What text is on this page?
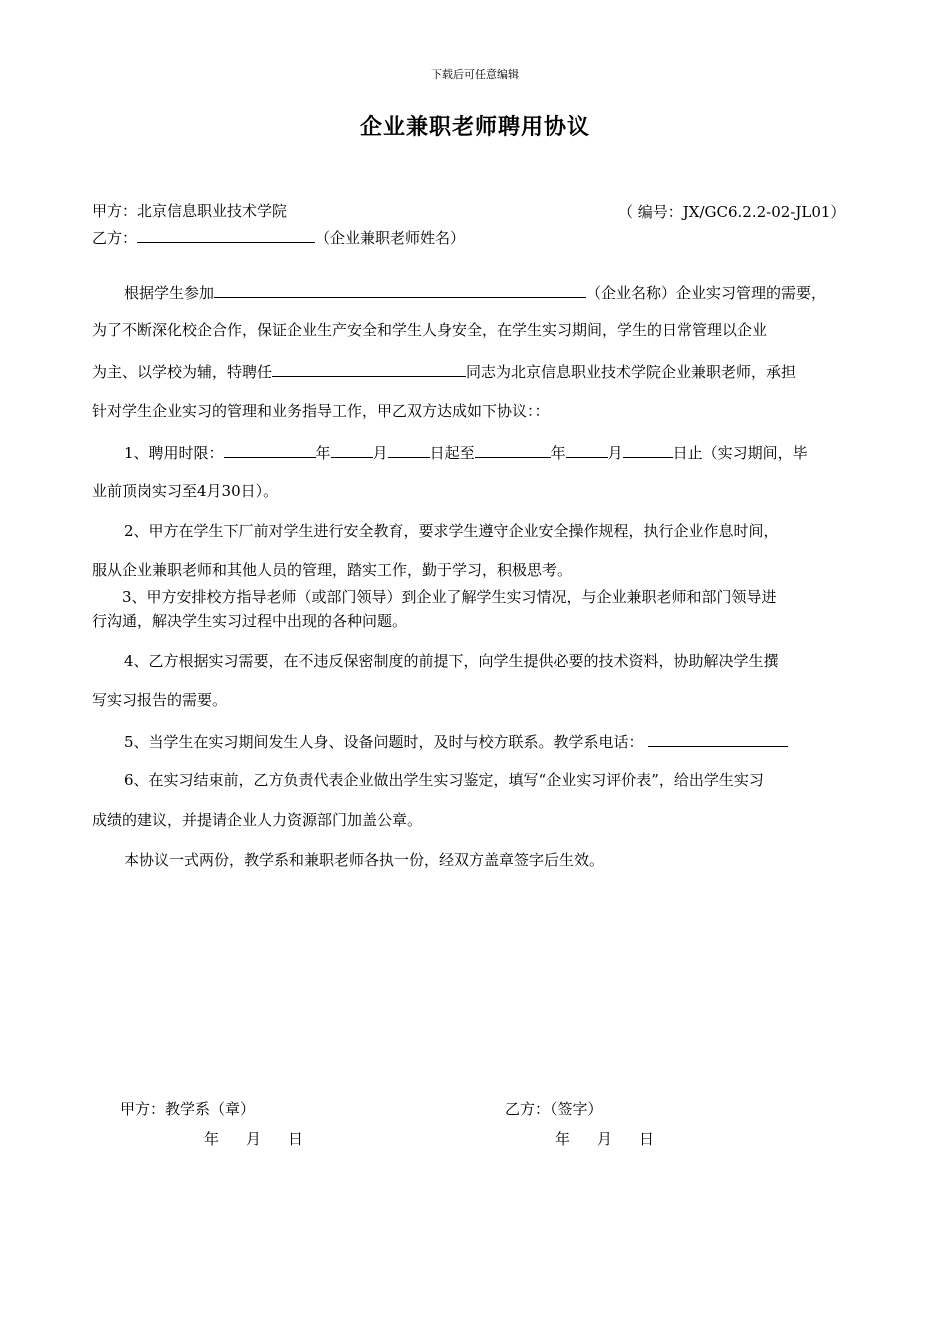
下载后可任意编辑
企业兼职老师聘用协议
甲方：北京信息职业技术学院	（ 编号：JX/GC6.2.2-02-JL01）
乙方：	（企业兼职老师姓名）
根据学生参加	（企业名称）企业实习管理的需要，
为了不断深化校企合作，保证企业生产安全和学生人身安全，在学生实习期间，学生的日常管理以企业
为主、以学校为辅，特聘任	同志为北京信息职业技术学院企业兼职老师，承担
针对学生企业实习的管理和业务指导工作，甲乙双方达成如下协议：：
1、聘用时限：	年	月	日起至	年	月	日止（实习期间，毕
业前顶岗实习至4月30日）。
2、甲方在学生下厂前对学生进行安全教育，要求学生遵守企业安全操作规程，执行企业作息时间，
服从企业兼职老师和其他人员的管理，踏实工作，勤于学习，积极思考。
3、甲方安排校方指导老师（或部门领导）到企业了解学生实习情况，与企业兼职老师和部门领导进
行沟通，解决学生实习过程中出现的各种问题。
4、乙方根据实习需要，在不违反保密制度的前提下，向学生提供必要的技术资料，协助解决学生撰
写实习报告的需要。
5、当学生在实习期间发生人身、设备问题时，及时与校方联系。教学系电话：
6、在实习结束前，乙方负责代表企业做出学生实习鉴定，填写“企业实习评价表”，给出学生实习
成绩的建议，并提请企业人力资源部门加盖公章。
本协议一式两份，教学系和兼职老师各执一份，经双方盖章签字后生效。
甲方：教学系（章）	乙方：（签字）
年 月 日	年 月 日
